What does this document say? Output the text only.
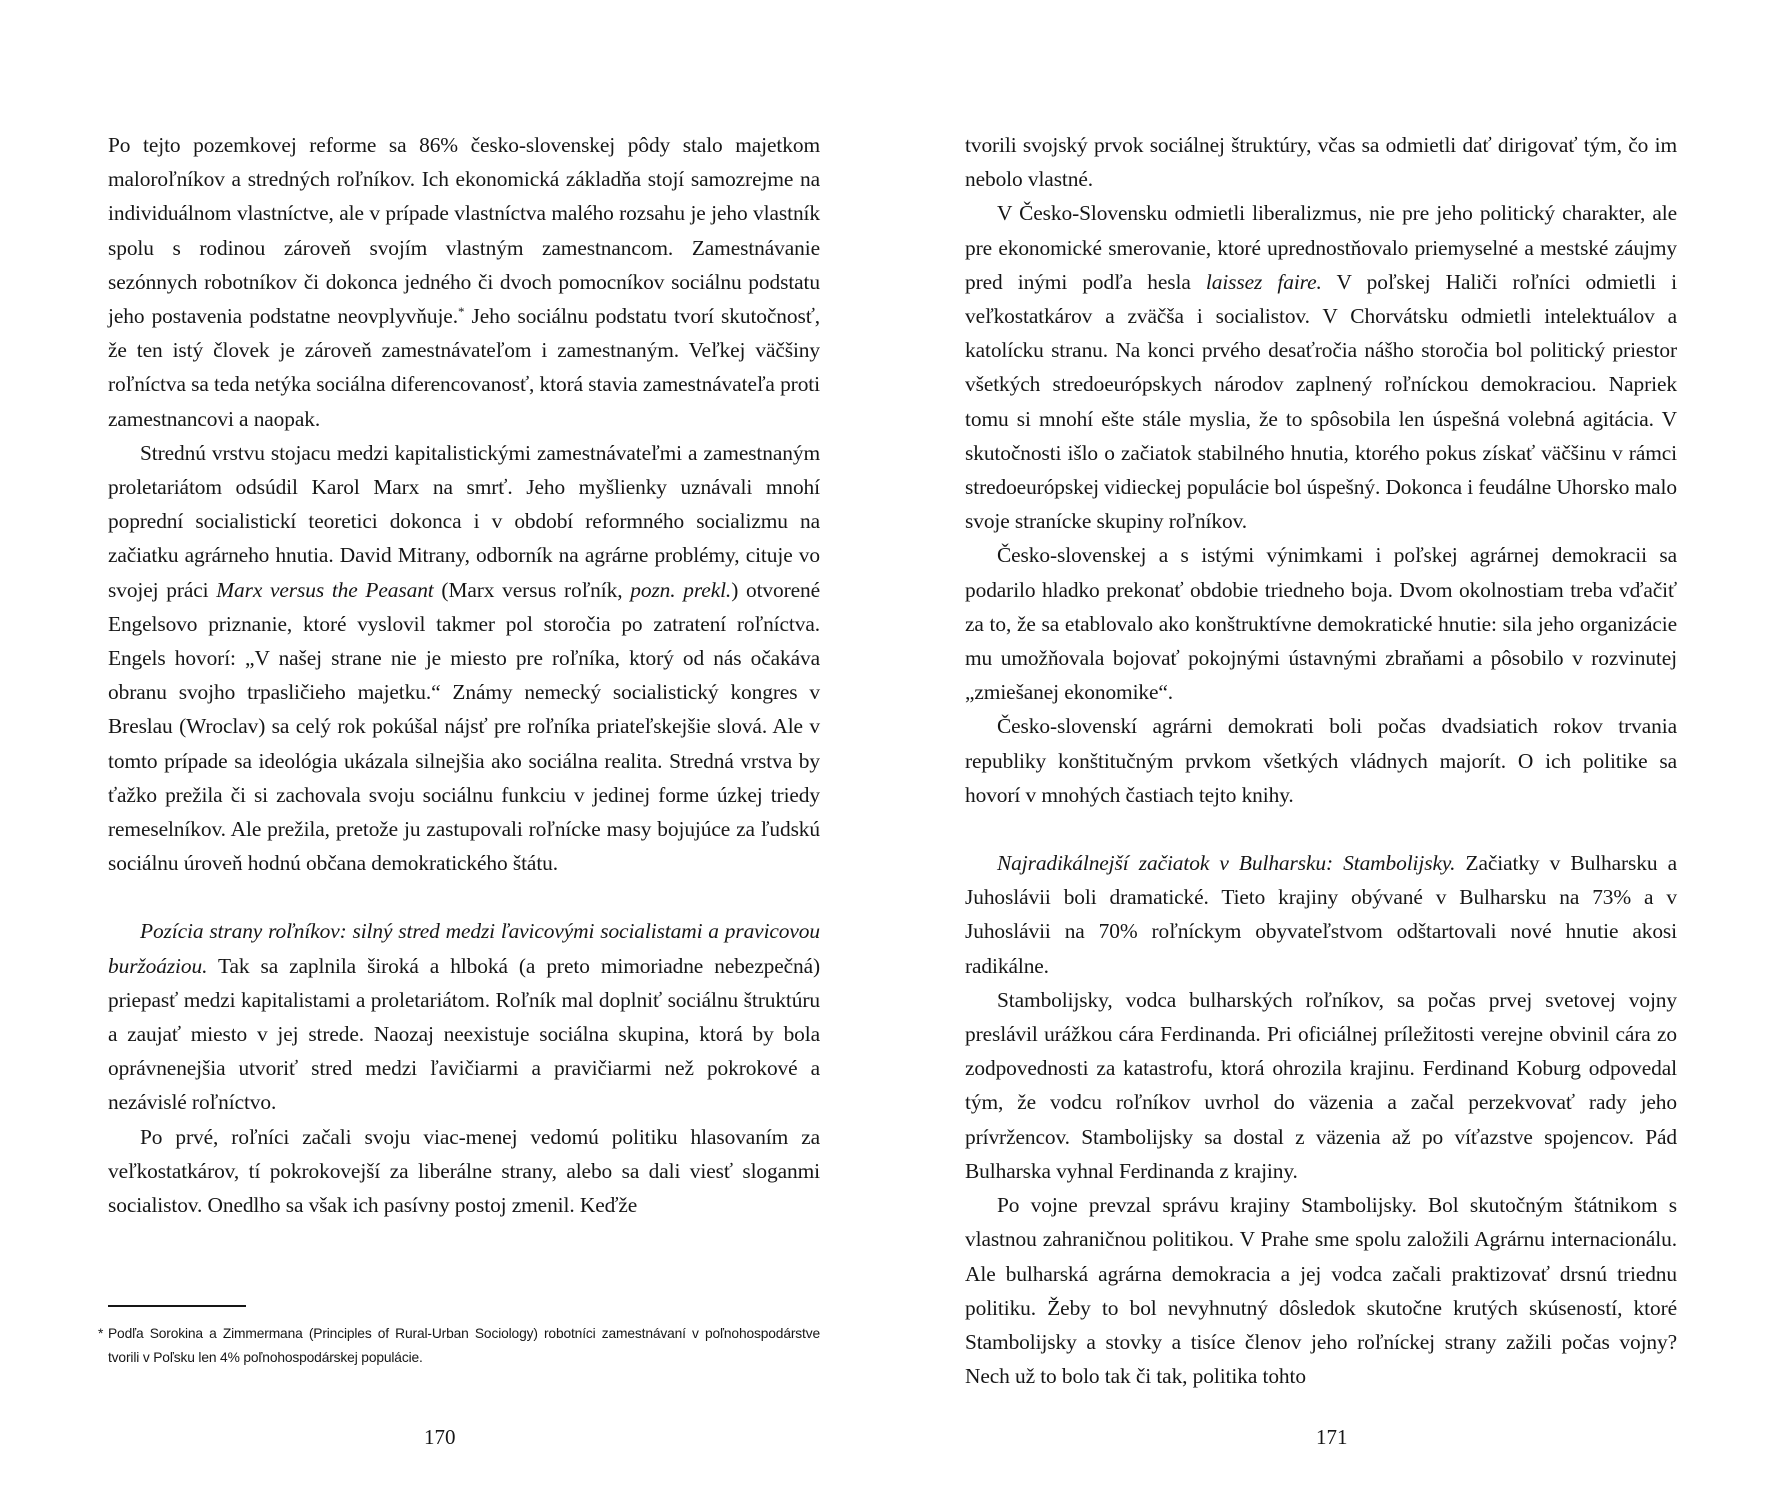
Po tejto pozemkovej reforme sa 86% česko-slovenskej pôdy stalo majetkom maloroľníkov a stredných roľníkov. Ich ekonomická základňa stojí samozrejme na individuálnom vlastníctve, ale v prípade vlastníctva malého rozsahu je jeho vlastník spolu s rodinou zároveň svojím vlastným zamestnancom. Zamestnávanie sezónnych robotníkov či dokonca jedného či dvoch pomocníkov sociálnu podstatu jeho postavenia podstatne neovplyvňuje.* Jeho sociálnu podstatu tvorí skutočnosť, že ten istý človek je zároveň zamestnávateľom i zamestnaným. Veľkej väčšiny roľníctva sa teda netýka sociálna diferencovanosť, ktorá stavia zamestnávateľa proti zamestnancovi a naopak.

Strednú vrstvu stojacu medzi kapitalistickými zamestnávateľmi a zamestnaným proletariátom odsúdil Karol Marx na smrť. Jeho myšlienky uznávali mnohí poprední socialistickí teoretici dokonca i v období reformného socializmu na začiatku agrárneho hnutia. David Mitrany, odborník na agrárne problémy, cituje vo svojej práci Marx versus the Peasant (Marx versus roľník, pozn. prekl.) otvorené Engelsovo priznanie, ktoré vyslovil takmer pol storočia po zatratení roľníctva. Engels hovorí: „V našej strane nie je miesto pre roľníka, ktorý od nás očakáva obranu svojho trpasličieho majetku.“ Známy nemecký socialistický kongres v Breslau (Wroclav) sa celý rok pokúšal nájsť pre roľníka priateľskejšie slová. Ale v tomto prípade sa ideológia ukázala silnejšia ako sociálna realita. Stredná vrstva by ťažko prežila či si zachovala svoju sociálnu funkciu v jedinej forme úzkej triedy remeselníkov. Ale prežila, pretože ju zastupovali roľnícke masy bojujúce za ľudskú sociálnu úroveň hodnú občana demokratického štátu.

Pozícia strany roľníkov: silný stred medzi ľavicovými socialistami a pravicovou buržoáziou. Tak sa zaplnila široká a hlboká (a preto mimoriadne nebezpečná) priepasť medzi kapitalistami a proletariátom. Roľník mal doplniť sociálnu štruktúru a zaujať miesto v jej strede. Naozaj neexistuje sociálna skupina, ktorá by bola oprávnenejšia utvoriť stred medzi ľavičiarmi a pravičiarmi než pokrokové a nezávislé roľníctvo.

Po prvé, roľníci začali svoju viac-menej vedomú politiku hlasovaním za veľkostatkárov, tí pokrokovejší za liberálne strany, alebo sa dali viesť sloganmi socialistov. Onedlho sa však ich pasívny postoj zmenil. Keďže

* Podľa Sorokina a Zimmermana (Principles of Rural-Urban Sociology) robotníci zamestnávaní v poľnohospodárstve tvorili v Poľsku len 4% poľnohospodárskej populácie.
170

tvorili svojský prvok sociálnej štruktúry, včas sa odmietli dať dirigovať tým, čo im nebolo vlastné.

V Česko-Slovensku odmietli liberalizmus, nie pre jeho politický charakter, ale pre ekonomické smerovanie, ktoré uprednostňovalo priemyselné a mestské záujmy pred inými podľa hesla laissez faire. V poľskej Haliči roľníci odmietli i veľkostatkárov a zväčša i socialistov. V Chorvátsku odmietli intelektuálov a katolícku stranu. Na konci prvého desaťročia nášho storočia bol politický priestor všetkých stredoeurópskych národov zaplnený roľníckou demokraciou. Napriek tomu si mnohí ešte stále myslia, že to spôsobila len úspešná volebná agitácia. V skutočnosti išlo o začiatok stabilného hnutia, ktorého pokus získať väčšinu v rámci stredoeurópskej vidieckej populácie bol úspešný. Dokonca i feudálne Uhorsko malo svoje stranícke skupiny roľníkov.

Česko-slovenskej a s istými výnimkami i poľskej agrárnej demokracii sa podarilo hladko prekonať obdobie triedneho boja. Dvom okolnostiam treba vďačiť za to, že sa etablovalo ako konštruktívne demokratické hnutie: sila jeho organizácie mu umožňovala bojovať pokojnými ústavnými zbraňami a pôsobilo v rozvinutej „zmiešanej ekonomike“.

Česko-slovenskí agrárni demokrati boli počas dvadsiatich rokov trvania republiky konštitučným prvkom všetkých vládnych majorít. O ich politike sa hovorí v mnohých častiach tejto knihy.

Najradikálnejší začiatok v Bulharsku: Stambolijsky. Začiatky v Bulharsku a Juhoslávii boli dramatické. Tieto krajiny obývané v Bulharsku na 73% a v Juhoslávii na 70% roľníckym obyvateľstvom odštartovali nové hnutie akosi radikálne.

Stambolijsky, vodca bulharských roľníkov, sa počas prvej svetovej vojny preslávil urážkou cára Ferdinanda. Pri oficiálnej príležitosti verejne obvinil cára zo zodpovednosti za katastrofu, ktorá ohrozila krajinu. Ferdinand Koburg odpovedal tým, že vodcu roľníkov uvrhol do väzenia a začal perzekvovať rady jeho prívržencov. Stambolijsky sa dostal z väzenia až po víťazstve spojencov. Pád Bulharska vyhnal Ferdinanda z krajiny.

Po vojne prevzal správu krajiny Stambolijsky. Bol skutočným štátnikom s vlastnou zahraničnou politikou. V Prahe sme spolu založili Agrárnu internacionálu. Ale bulharská agrárna demokracia a jej vodca začali praktizovať drsnú triednu politiku. Žeby to bol nevyhnutný dôsledok skutočne krutých skúseností, ktoré Stambolijsky a stovky a tisíce členov jeho roľníckej strany zažili počas vojny? Nech už to bolo tak či tak, politika tohto

171
